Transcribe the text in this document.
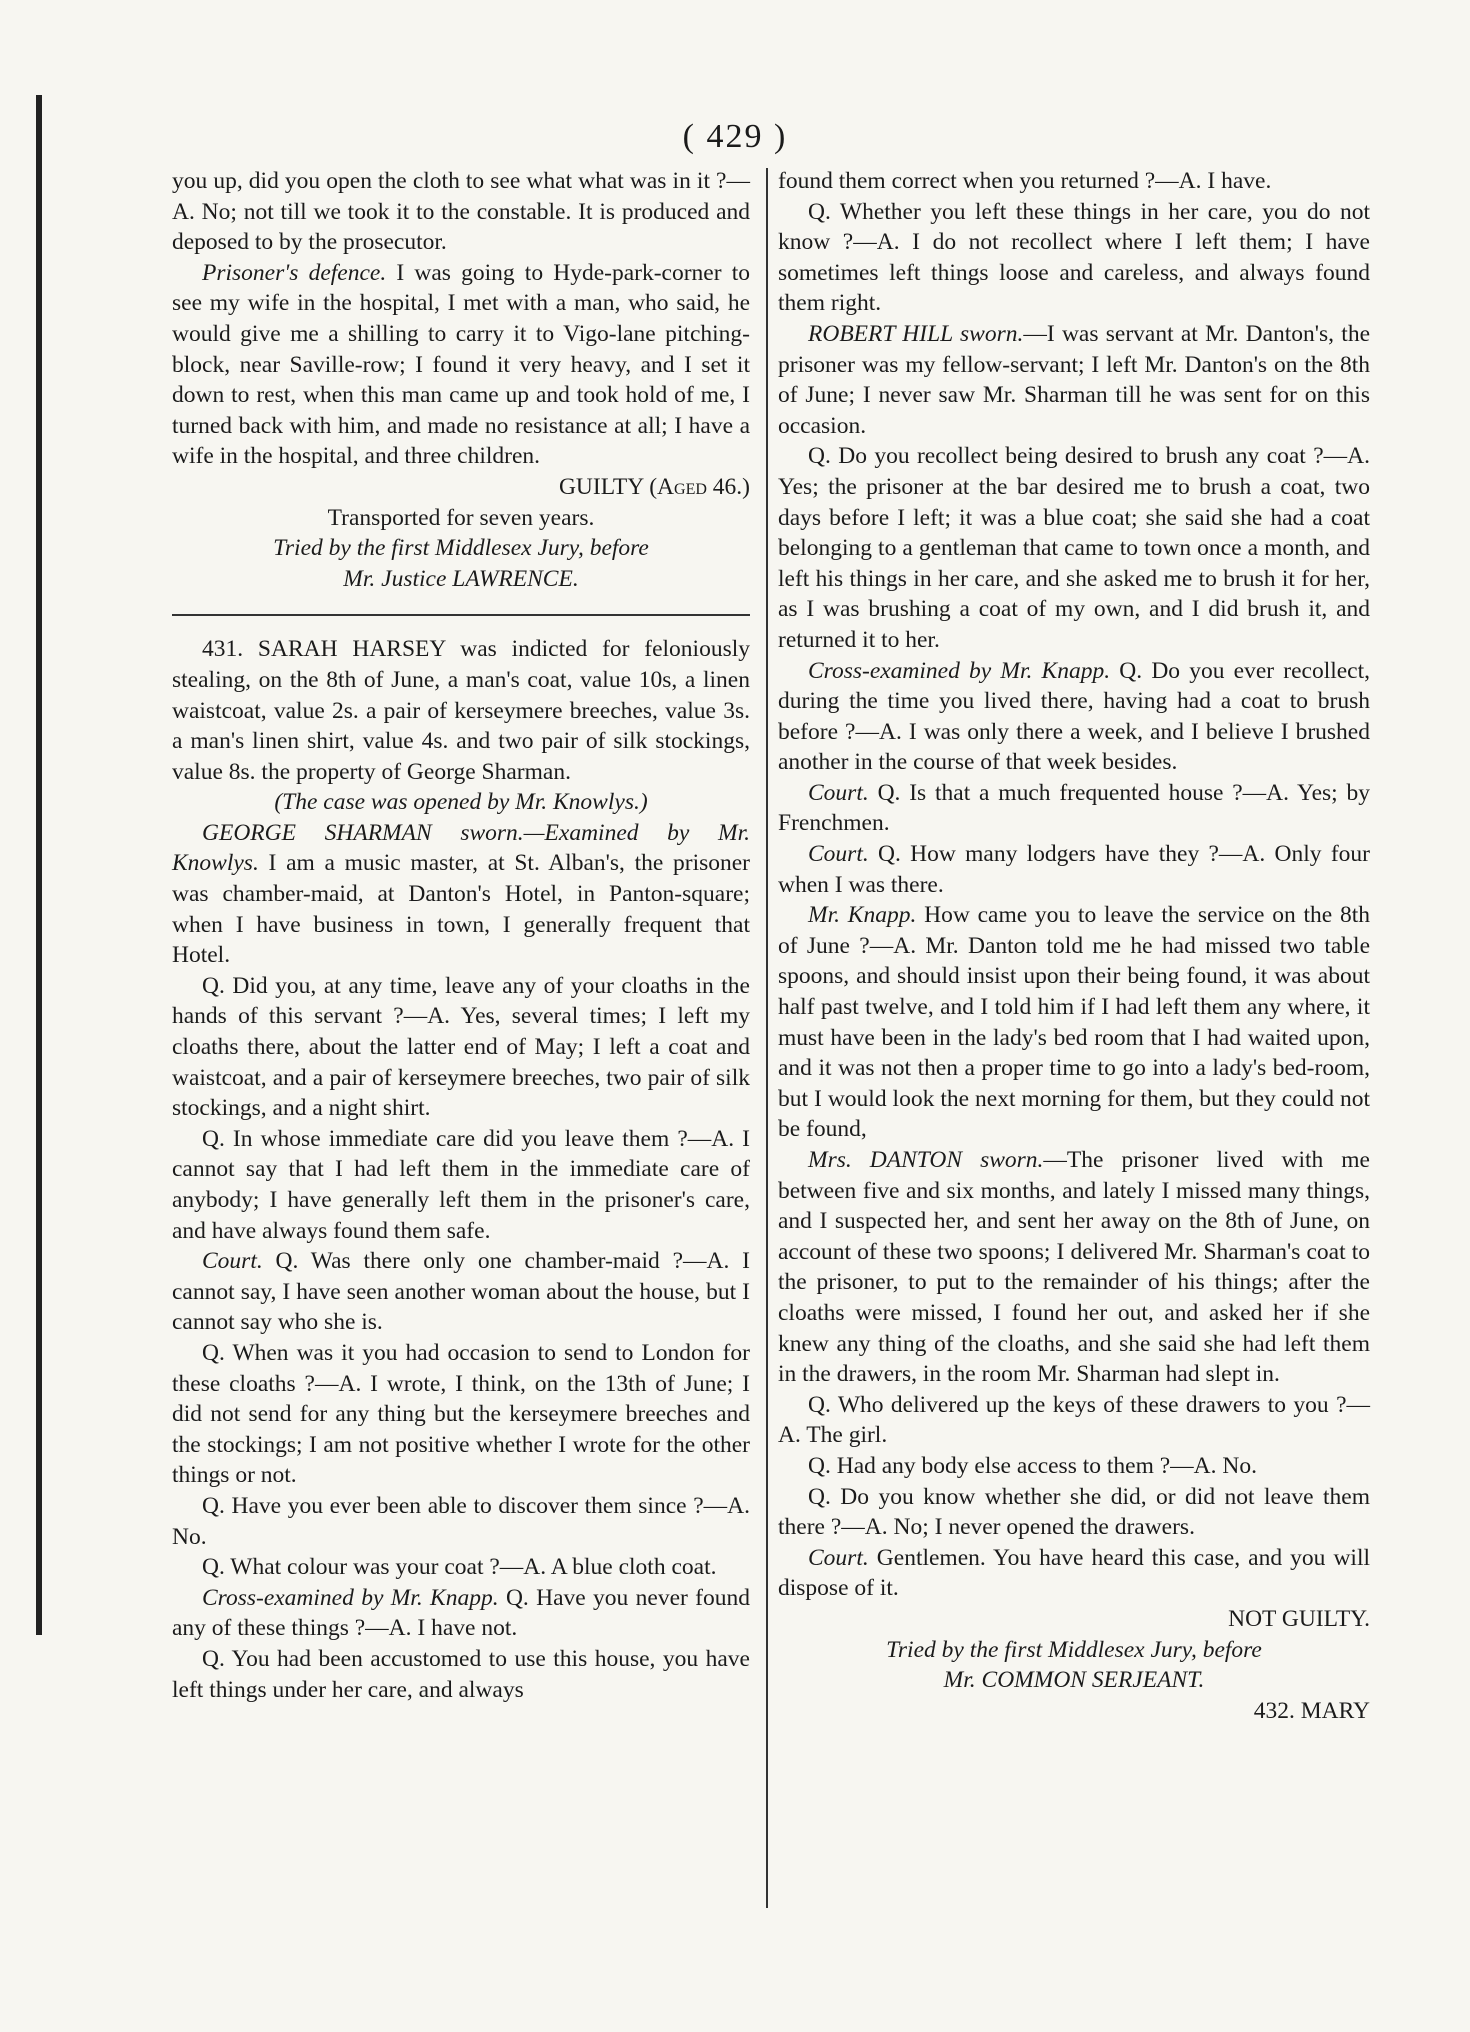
( 429 )

you up, did you open the cloth to see what what was in it ?—A. No; not till we took it to the constable. It is produced and deposed to by the prosecutor.

Prisoner's defence. I was going to Hyde-park-corner to see my wife in the hospital, I met with a man, who said, he would give me a shilling to carry it to Vigo-lane pitching-block, near Saville-row; I found it very heavy, and I set it down to rest, when this man came up and took hold of me, I turned back with him, and made no resistance at all; I have a wife in the hospital, and three children.

GUILTY (Aged 46.)

Transported for seven years.

Tried by the first Middlesex Jury, before

Mr. Justice LAWRENCE.

431. SARAH HARSEY was indicted for feloniously stealing, on the 8th of June, a man's coat, value 10s, a linen waistcoat, value 2s. a pair of kerseymere breeches, value 3s. a man's linen shirt, value 4s. and two pair of silk stockings, value 8s. the property of George Sharman.

(The case was opened by Mr. Knowlys.)

GEORGE SHARMAN sworn.—Examined by Mr. Knowlys. I am a music master, at St. Alban's, the prisoner was chamber-maid, at Danton's Hotel, in Panton-square; when I have business in town, I generally frequent that Hotel.

Q. Did you, at any time, leave any of your cloaths in the hands of this servant ?—A. Yes, several times; I left my cloaths there, about the latter end of May; I left a coat and waistcoat, and a pair of kerseymere breeches, two pair of silk stockings, and a night shirt.

Q. In whose immediate care did you leave them ?—A. I cannot say that I had left them in the immediate care of anybody; I have generally left them in the prisoner's care, and have always found them safe.

Court. Q. Was there only one chamber-maid ?—A. I cannot say, I have seen another woman about the house, but I cannot say who she is.

Q. When was it you had occasion to send to London for these cloaths ?—A. I wrote, I think, on the 13th of June; I did not send for any thing but the kerseymere breeches and the stockings; I am not positive whether I wrote for the other things or not.

Q. Have you ever been able to discover them since ?—A. No.

Q. What colour was your coat ?—A. A blue cloth coat.

Cross-examined by Mr. Knapp. Q. Have you never found any of these things ?—A. I have not.

Q. You had been accustomed to use this house, you have left things under her care, and always

found them correct when you returned ?—A. I have.

Q. Whether you left these things in her care, you do not know ?—A. I do not recollect where I left them; I have sometimes left things loose and careless, and always found them right.

ROBERT HILL sworn.—I was servant at Mr. Danton's, the prisoner was my fellow-servant; I left Mr. Danton's on the 8th of June; I never saw Mr. Sharman till he was sent for on this occasion.

Q. Do you recollect being desired to brush any coat ?—A. Yes; the prisoner at the bar desired me to brush a coat, two days before I left; it was a blue coat; she said she had a coat belonging to a gentleman that came to town once a month, and left his things in her care, and she asked me to brush it for her, as I was brushing a coat of my own, and I did brush it, and returned it to her.

Cross-examined by Mr. Knapp. Q. Do you ever recollect, during the time you lived there, having had a coat to brush before ?—A. I was only there a week, and I believe I brushed another in the course of that week besides.

Court. Q. Is that a much frequented house ?—A. Yes; by Frenchmen.

Court. Q. How many lodgers have they ?—A. Only four when I was there.

Mr. Knapp. How came you to leave the service on the 8th of June ?—A. Mr. Danton told me he had missed two table spoons, and should insist upon their being found, it was about half past twelve, and I told him if I had left them any where, it must have been in the lady's bed room that I had waited upon, and it was not then a proper time to go into a lady's bed-room, but I would look the next morning for them, but they could not be found,

Mrs. DANTON sworn.—The prisoner lived with me between five and six months, and lately I missed many things, and I suspected her, and sent her away on the 8th of June, on account of these two spoons; I delivered Mr. Sharman's coat to the prisoner, to put to the remainder of his things; after the cloaths were missed, I found her out, and asked her if she knew any thing of the cloaths, and she said she had left them in the drawers, in the room Mr. Sharman had slept in.

Q. Who delivered up the keys of these drawers to you ?—A. The girl.

Q. Had any body else access to them ?—A. No.

Q. Do you know whether she did, or did not leave them there ?—A. No; I never opened the drawers.

Court. Gentlemen. You have heard this case, and you will dispose of it.

NOT GUILTY.

Tried by the first Middlesex Jury, before

Mr. COMMON SERJEANT.

432. MARY
